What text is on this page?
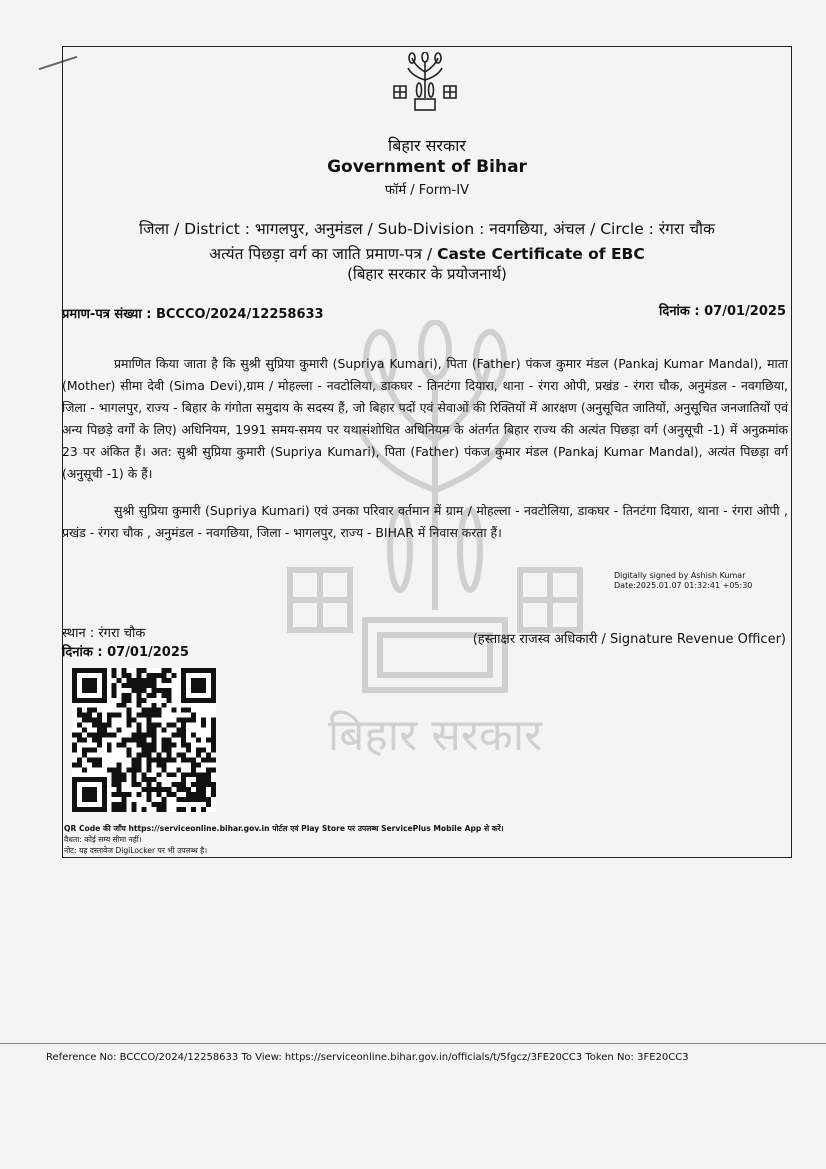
बिहार सरकार
बिहार सरकार
Government of Bihar
फॉर्म / Form-IV
जिला / District : भागलपुर, अनुमंडल / Sub-Division : नवगछिया, अंचल / Circle : रंगरा चौक
अत्यंत पिछड़ा वर्ग का जाति प्रमाण-पत्र / Caste Certificate of EBC
(बिहार सरकार के प्रयोजनार्थ)
प्रमाण-पत्र संख्या : BCCCO/2024/12258633	दिनांक : 07/01/2025
प्रमाणित किया जाता है कि सुश्री सुप्रिया कुमारी (Supriya Kumari), पिता (Father) पंकज कुमार मंडल (Pankaj Kumar Mandal), माता (Mother) सीमा देवी (Sima Devi),ग्राम / मोहल्ला - नवटोलिया, डाकघर - तिनटंगा दियारा, थाना - रंगरा ओपी, प्रखंड - रंगरा चौक, अनुमंडल - नवगछिया, जिला - भागलपुर, राज्य - बिहार के गंगोता समुदाय के सदस्य हैं, जो बिहार पदों एवं सेवाओं की रिक्तियों में आरक्षण (अनुसूचित जातियों, अनुसूचित जनजातियों एवं अन्य पिछड़े वर्गों के लिए) अधिनियम, 1991 समय-समय पर यथासंशोधित अधिनियम के अंतर्गत बिहार राज्य की अत्यंत पिछड़ा वर्ग (अनुसूची -1) में अनुक्रमांक 23 पर अंकित हैं। अत: सुश्री सुप्रिया कुमारी (Supriya Kumari), पिता (Father) पंकज कुमार मंडल (Pankaj Kumar Mandal), अत्यंत पिछड़ा वर्ग (अनुसूची -1) के हैं।
सुश्री सुप्रिया कुमारी (Supriya Kumari) एवं उनका परिवार वर्तमान में ग्राम / मोहल्ला - नवटोलिया, डाकघर - तिनटंगा दियारा, थाना - रंगरा ओपी , प्रखंड - रंगरा चौक , अनुमंडल - नवगछिया, जिला - भागलपुर, राज्य - BIHAR में निवास करता हैं।
Digitally signed by Ashish Kumar
Date:2025.01.07 01:32:41 +05:30
स्थान : रंगरा चौक
दिनांक : 07/01/2025
(हस्ताक्षर राजस्व अधिकारी / Signature Revenue Officer)
QR Code की जाँच https://serviceonline.bihar.gov.in पोर्टल एवं Play Store पर उपलब्ध ServicePlus Mobile App से करें।
वैधता: कोई सम्य सीमा नहीं।
नोट: यह दस्तावेज DigiLocker पर भी उपलब्ध है।
Reference No: BCCCO/2024/12258633 To View: https://serviceonline.bihar.gov.in/officials/t/5fgcz/3FE20CC3 Token No: 3FE20CC3
